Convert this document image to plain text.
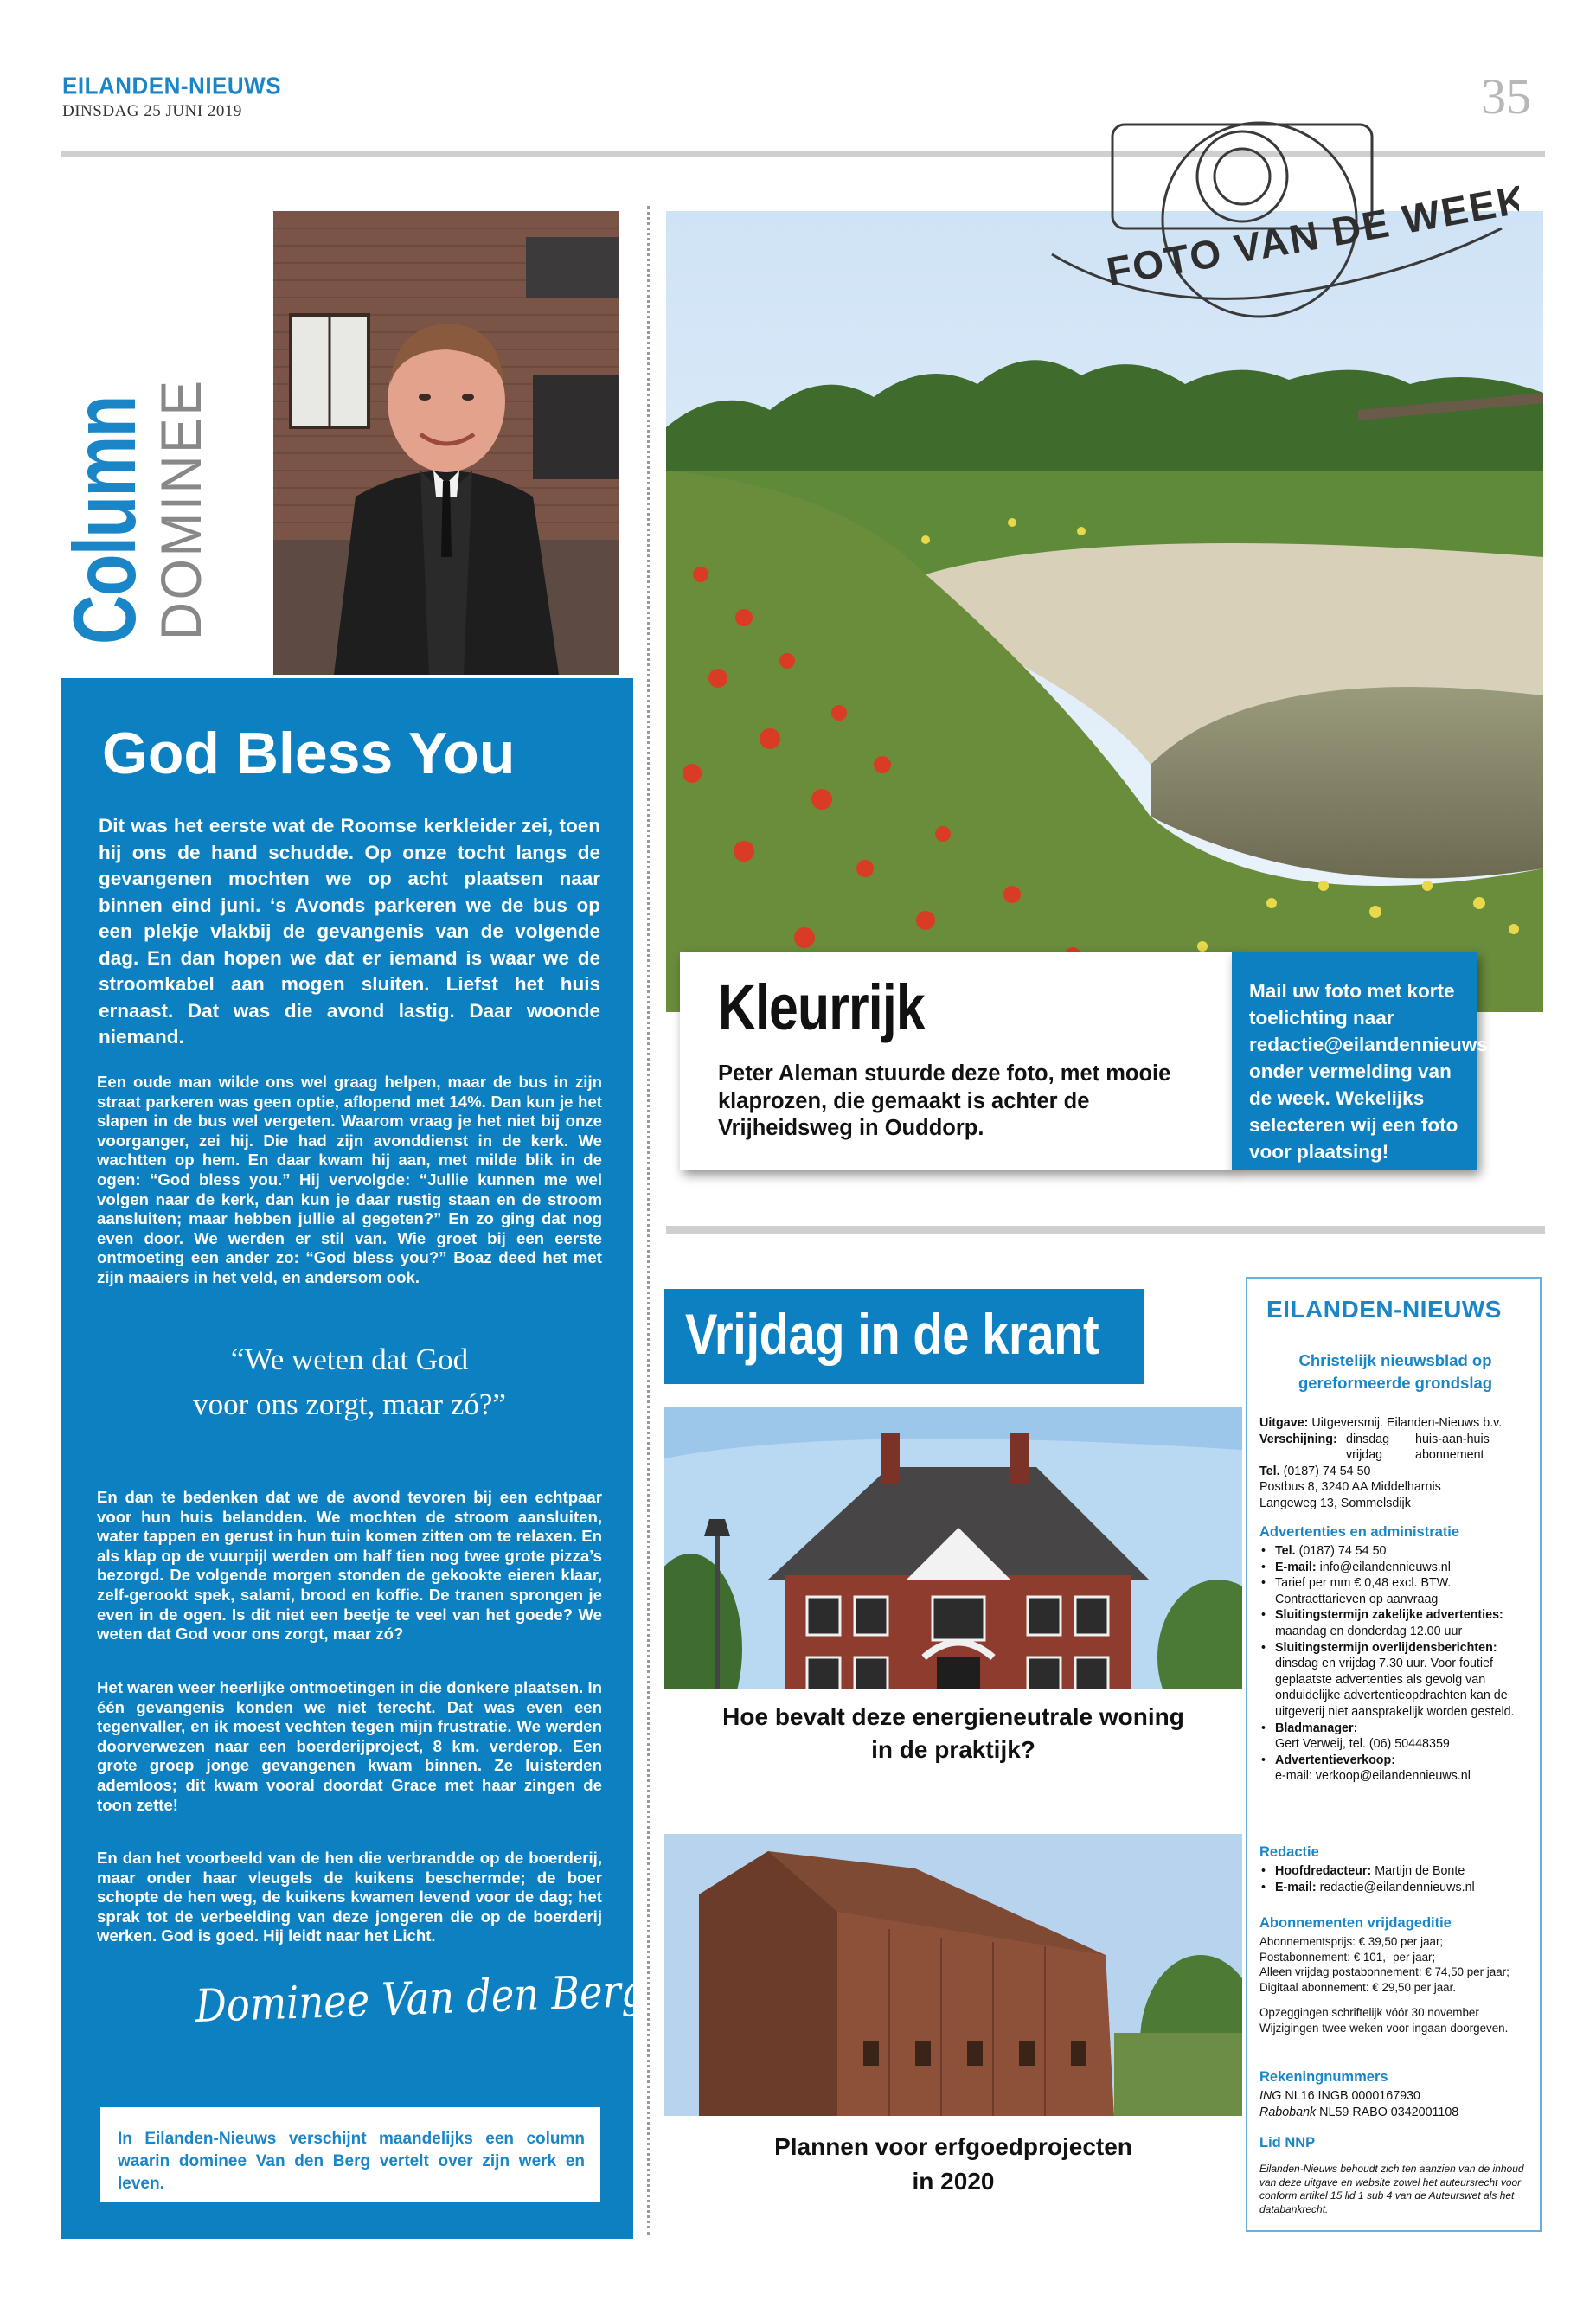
EILANDEN-NIEUWS
DINSDAG 25 JUNI 2019	35
Column
DOMINEE
God Bless You
Dit was het eerste wat de Roomse kerkleider zei, toen hij ons de hand schudde. Op onze tocht langs de gevangenen mochten we op acht plaatsen naar binnen eind juni. ‘s Avonds parkeren we de bus op een plekje vlakbij de gevangenis van de volgende dag. En dan hopen we dat er iemand is waar we de stroomkabel aan mogen sluiten. Liefst het huis ernaast. Dat was die avond lastig. Daar woonde niemand.
Een oude man wilde ons wel graag helpen, maar de bus in zijn straat parkeren was geen optie, aflopend met 14%. Dan kun je het slapen in de bus wel vergeten. Waarom vraag je het niet bij onze voorganger, zei hij. Die had zijn avonddienst in de kerk. We wachtten op hem. En daar kwam hij aan, met milde blik in de ogen: “God bless you.” Hij vervolgde: “Jullie kunnen me wel volgen naar de kerk, dan kun je daar rustig staan en de stroom aansluiten; maar hebben jullie al gegeten?” En zo ging dat nog even door. We werden er stil van. Wie groet bij een eerste ontmoeting een ander zo: “God bless you?” Boaz deed het met zijn maaiers in het veld, en andersom ook.
“We weten dat God
voor ons zorgt, maar zó?”
En dan te bedenken dat we de avond tevoren bij een echtpaar voor hun huis belandden. We mochten de stroom aansluiten, water tappen en gerust in hun tuin komen zitten om te relaxen. En als klap op de vuurpijl werden om half tien nog twee grote pizza’s bezorgd. De volgende morgen stonden de gekookte eieren klaar, zelf-gerookt spek, salami, brood en koffie. De tranen sprongen je even in de ogen. Is dit niet een beetje te veel van het goede? We weten dat God voor ons zorgt, maar zó?
Het waren weer heerlijke ontmoetingen in die donkere plaatsen. In één gevangenis konden we niet terecht. Dat was even een tegenvaller, en ik moest vechten tegen mijn frustratie. We werden doorverwezen naar een boerderijproject, 8 km. verderop. Een grote groep jonge gevangenen kwam binnen. Ze luisterden ademloos; dit kwam vooral doordat Grace met haar zingen de toon zette!
En dan het voorbeeld van de hen die verbrandde op de boerderij, maar onder haar vleugels de kuikens beschermde; de boer schopte de hen weg, de kuikens kwamen levend voor de dag; het sprak tot de verbeelding van deze jongeren die op de boerderij werken. God is goed. Hij leidt naar het Licht.
Dominee Van den Berg
In Eilanden-Nieuws verschijnt maandelijks een column waarin dominee Van den Berg vertelt over zijn werk en leven.
FOTO VAN DE WEEK
Kleurrijk
Peter Aleman stuurde deze foto, met mooie klaprozen, die gemaakt is achter de Vrijheidsweg in Ouddorp.
Mail uw foto met korte toelichting naar redactie@eilandennieuws.nl onder vermelding van de week. Wekelijks selecteren wij een foto voor plaatsing!
Vrijdag in de krant
Hoe bevalt deze energieneutrale woning
in de praktijk?
Plannen voor erfgoedprojecten
in 2020
EILANDEN-NIEUWS
Christelijk nieuwsblad op
gereformeerde grondslag
Uitgave: Uitgeversmij. Eilanden-Nieuws b.v.
Verschijning: dinsdag	huis-aan-huis
vrijdag	abonnement
Tel. (0187) 74 54 50
Postbus 8, 3240 AA Middelharnis
Langeweg 13, Sommelsdijk
Advertenties en administratie
• Tel. (0187) 74 54 50
• E-mail: info@eilandennieuws.nl
• Tarief per mm € 0,48 excl. BTW.
Contracttarieven op aanvraag
• Sluitingstermijn zakelijke advertenties:
maandag en donderdag 12.00 uur
• Sluitingstermijn overlijdensberichten:
dinsdag en vrijdag 7.30 uur. Voor foutief geplaatste advertenties als gevolg van onduidelijke advertentieopdrachten kan de uitgeverij niet aansprakelijk worden gesteld.
• Bladmanager:
Gert Verweij, tel. (06) 50448359
• Advertentieverkoop:
e-mail: verkoop@eilandennieuws.nl
Redactie
• Hoofdredacteur: Martijn de Bonte
• E-mail: redactie@eilandennieuws.nl
Abonnementen vrijdageditie
Abonnementsprijs: € 39,50 per jaar;
Postabonnement: € 101,- per jaar;
Alleen vrijdag postabonnement: € 74,50 per jaar;
Digitaal abonnement: € 29,50 per jaar.
Opzeggingen schriftelijk vóór 30 november Wijzigingen twee weken voor ingaan doorgeven.
Rekeningnummers
ING NL16 INGB 0000167930
Rabobank NL59 RABO 0342001108
Lid NNP
Eilanden-Nieuws behoudt zich ten aanzien van de inhoud van deze uitgave en website zowel het auteursrecht voor conform artikel 15 lid 1 sub 4 van de Auteurswet als het databankrecht.
